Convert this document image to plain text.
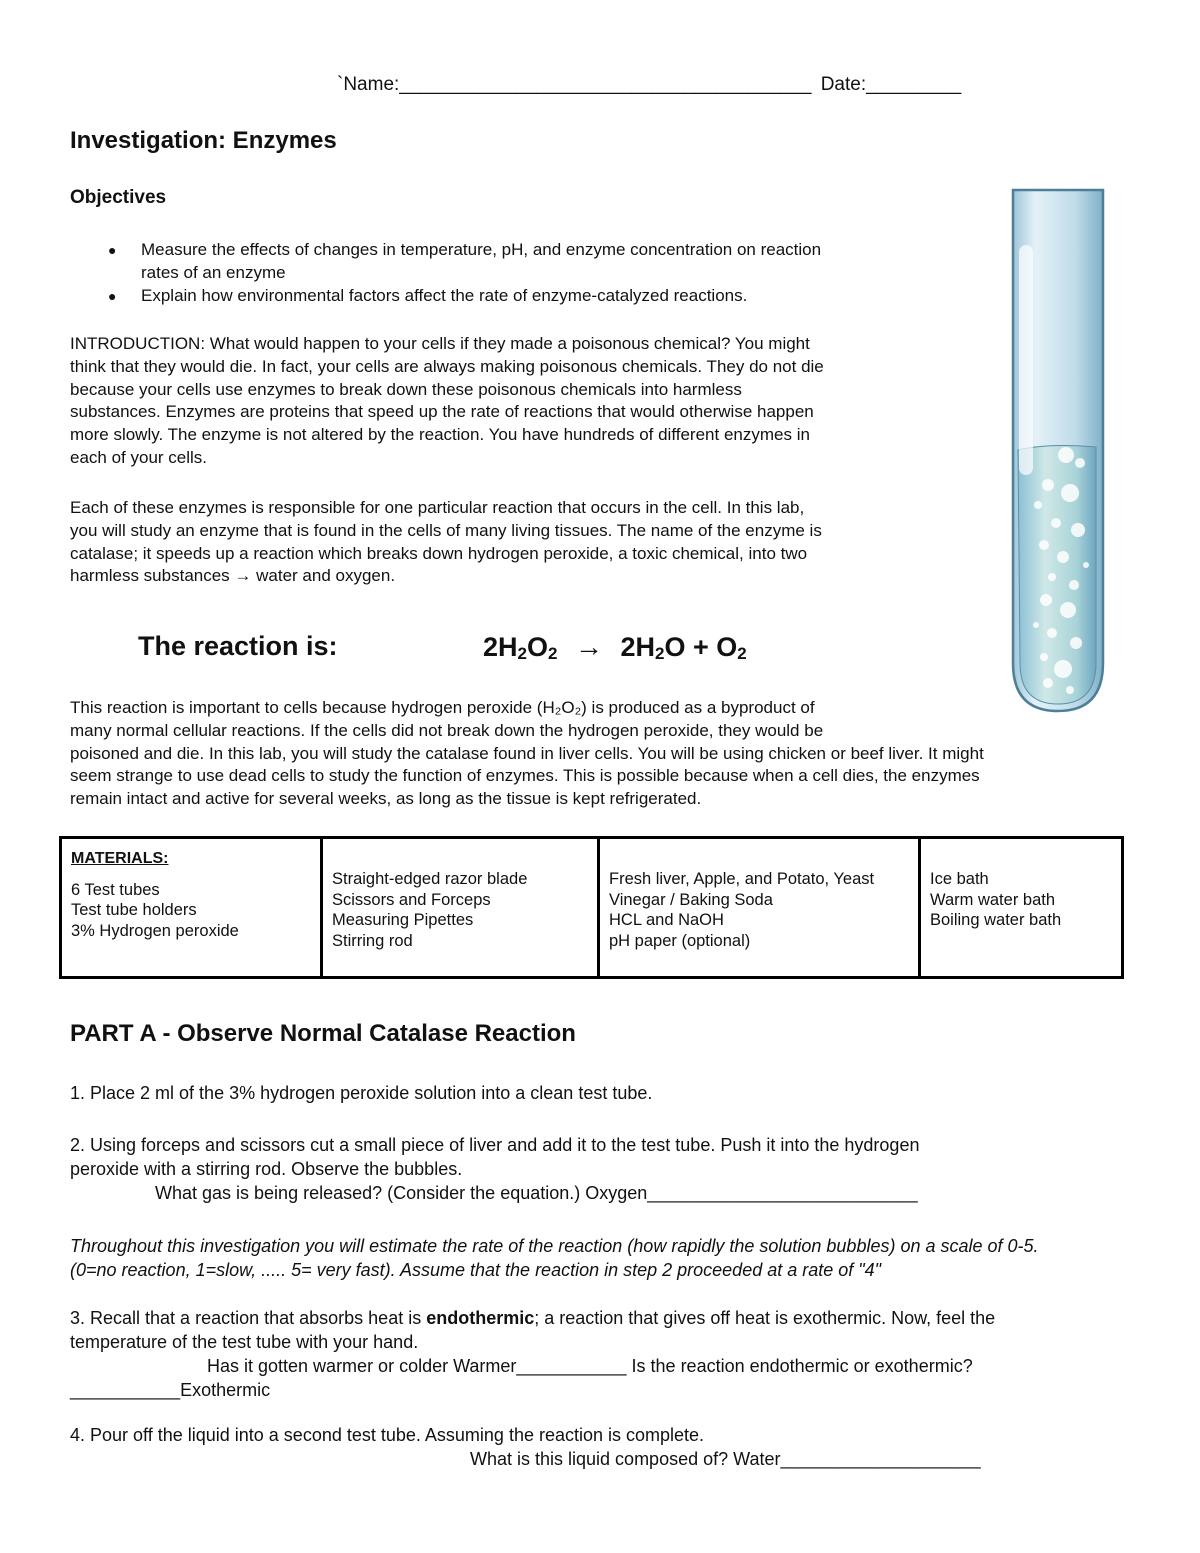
`Name:_______________________________________ Date:_________
Investigation: Enzymes
Objectives
● Measure the effects of changes in temperature, pH, and enzyme concentration on reaction
rates of an enzyme
● Explain how environmental factors affect the rate of enzyme-catalyzed reactions.
INTRODUCTION: What would happen to your cells if they made a poisonous chemical? You might
think that they would die. In fact, your cells are always making poisonous chemicals. They do not die
because your cells use enzymes to break down these poisonous chemicals into harmless
substances. Enzymes are proteins that speed up the rate of reactions that would otherwise happen
more slowly. The enzyme is not altered by the reaction. You have hundreds of different enzymes in
each of your cells.
Each of these enzymes is responsible for one particular reaction that occurs in the cell. In this lab,
you will study an enzyme that is found in the cells of many living tissues. The name of the enzyme is
catalase; it speeds up a reaction which breaks down hydrogen peroxide, a toxic chemical, into two
harmless substances → water and oxygen.
The reaction is:	$2H_2O_2 \to 2H_2O + O_2$
This reaction is important to cells because hydrogen peroxide (H₂O₂) is produced as a byproduct of
many normal cellular reactions. If the cells did not break down the hydrogen peroxide, they would be
poisoned and die. In this lab, you will study the catalase found in liver cells. You will be using chicken or beef liver. It might
seem strange to use dead cells to study the function of enzymes. This is possible because when a cell dies, the enzymes
remain intact and active for several weeks, as long as the tissue is kept refrigerated.
MATERIALS:
6 Test tubes
Test tube holders
3% Hydrogen peroxide

Straight-edged razor blade
Scissors and Forceps
Measuring Pipettes
Stirring rod

Fresh liver, Apple, and Potato, Yeast
Vinegar / Baking Soda
HCL and NaOH
pH paper (optional)

Ice bath
Warm water bath
Boiling water bath
PART A - Observe Normal Catalase Reaction
1. Place 2 ml of the 3% hydrogen peroxide solution into a clean test tube.
2. Using forceps and scissors cut a small piece of liver and add it to the test tube. Push it into the hydrogen
peroxide with a stirring rod. Observe the bubbles.
What gas is being released? (Consider the equation.) Oxygen___________________________
Throughout this investigation you will estimate the rate of the reaction (how rapidly the solution bubbles) on a scale of 0-5.
(0=no reaction, 1=slow, ..... 5= very fast). Assume that the reaction in step 2 proceeded at a rate of "4"
3. Recall that a reaction that absorbs heat is endothermic; a reaction that gives off heat is exothermic. Now, feel the
temperature of the test tube with your hand.
Has it gotten warmer or colder Warmer___________ Is the reaction endothermic or exothermic?
___________Exothermic
4. Pour off the liquid into a second test tube. Assuming the reaction is complete.
What is this liquid composed of? Water____________________
